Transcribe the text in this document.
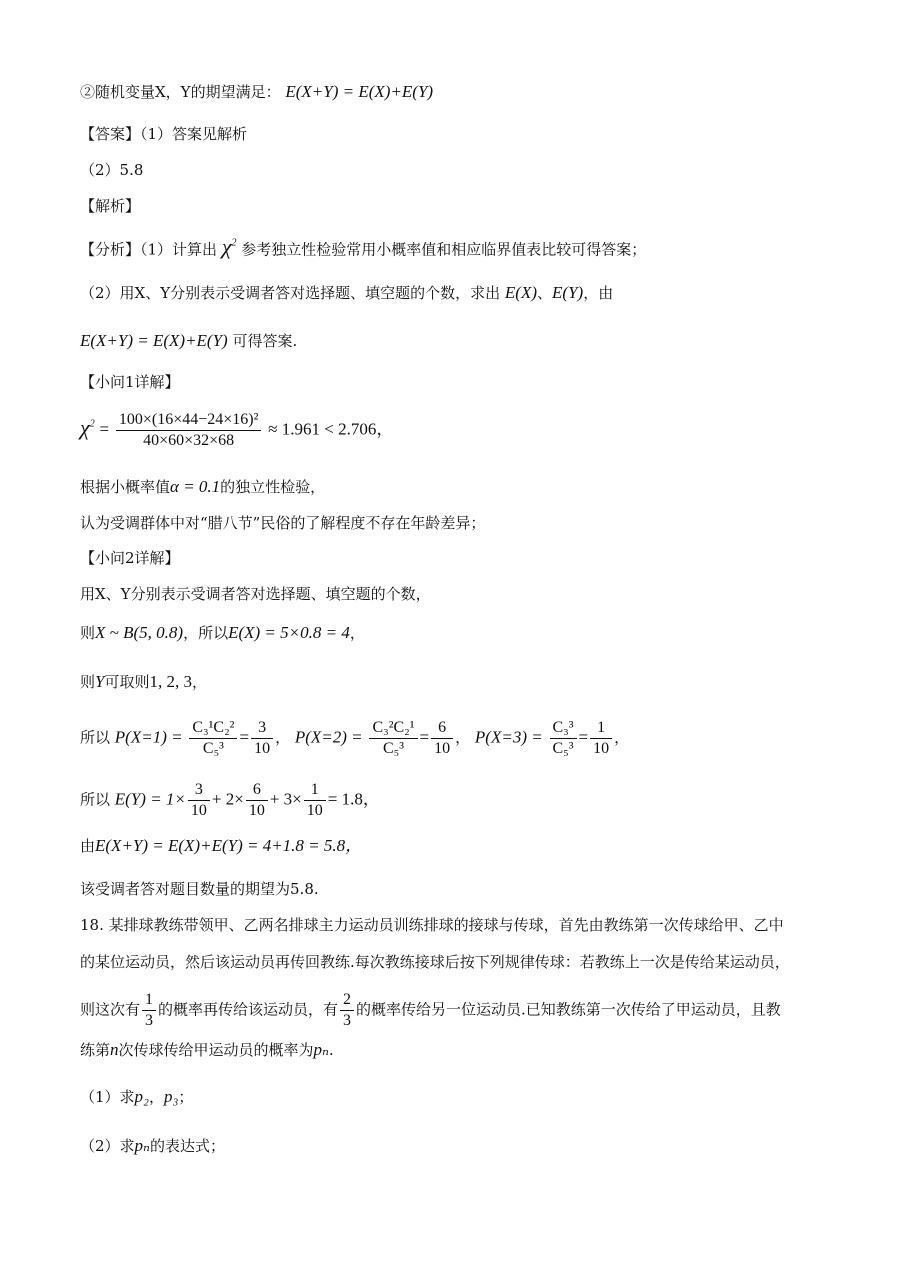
②随机变量X，Y的期望满足： E(X+Y) = E(X)+E(Y)
【答案】（1）答案见解析
（2）5.8
【解析】
【分析】（1）计算出 $\chi^2$ 参考独立性检验常用小概率值和相应临界值表比较可得答案；
（2）用X、Y分别表示受调者答对选择题、填空题的个数，求出 E(X)、E(Y)，由
E(X+Y) = E(X)+E(Y) 可得答案.
【小问1详解】
$\chi^2 = \frac{\text{100×(16×44−24×16)²}}{40\times 60\times 32\times 68} \approx 1.961 < 2.706$，
根据小概率值α = 0.1的独立性检验，
认为受调群体中对“腊八节”民俗的了解程度不存在年龄差异；
【小问2详解】
用X、Y分别表示受调者答对选择题、填空题的个数，
则X ~ B(5, 0.8)，所以E(X) = 5×0.8 = 4，
则Y可取则1, 2, 3，
所以 $P(X=1) = \frac{\text{C₃¹C₂²}}{\text{C₅³}} = \frac{3}{10}$ ， $P(X=2) = \frac{\text{C₃²C₂¹}}{\text{C₅³}} = \frac{6}{10}$ ， $P(X=3) = \frac{\text{C₃³}}{\text{C₅³}} = \frac{1}{10}$ ，
所以 $E(Y) = 1\times \frac{3}{10} + 2\times \frac{6}{10} + 3\times \frac{1}{10} = 1.8$，
由E(X+Y) = E(X)+E(Y) = 4+1.8 = 5.8，
该受调者答对题目数量的期望为5.8.
18. 某排球教练带领甲、乙两名排球主力运动员训练排球的接球与传球，首先由教练第一次传球给甲、乙中
的某位运动员，然后该运动员再传回教练.每次教练接球后按下列规律传球：若教练上一次是传给某运动员，
则这次有 $\frac{1}{3}$ 的概率再传给该运动员，有 $\frac{2}{3}$ 的概率传给另一位运动员.已知教练第一次传给了甲运动员，且教
练第n次传球传给甲运动员的概率为pₙ.
（1）求p₂，p₃；
（2）求pₙ的表达式；
